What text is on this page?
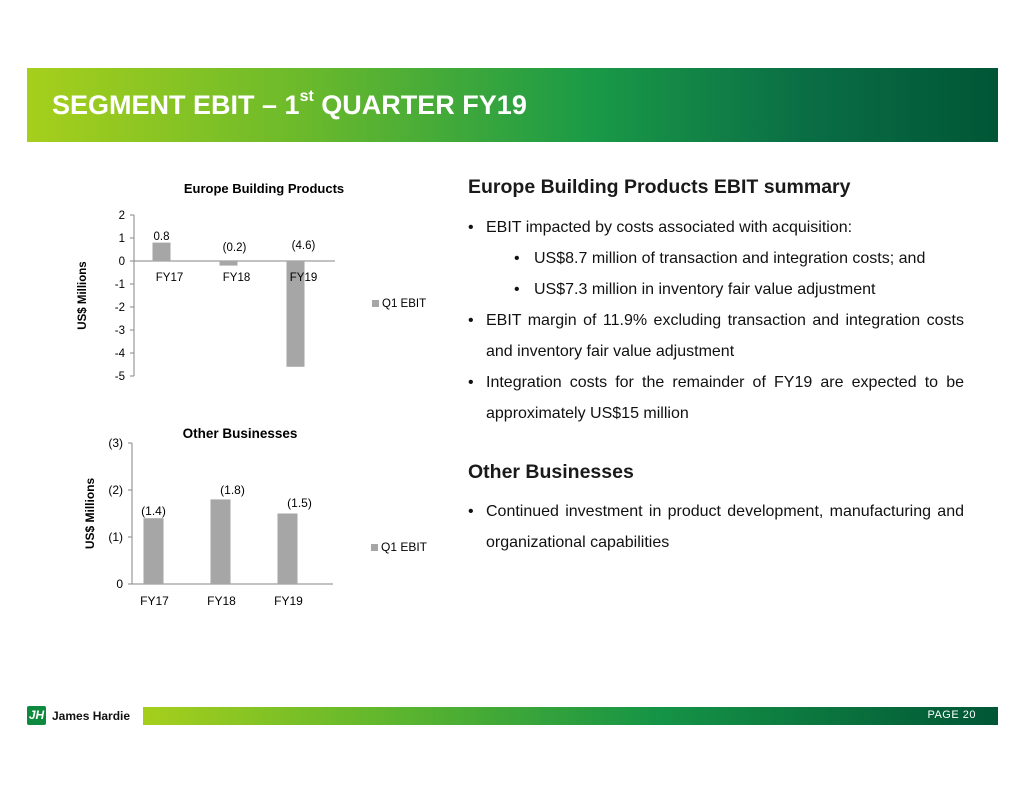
SEGMENT EBIT – 1st QUARTER FY19
Europe Building Products
US$ Millions
2
1
0
-1
-2
-3
-4
-5
FY17
0.8
FY18
(0.2)
FY19
(4.6)
Q1 EBIT
Other Businesses
US$ Millions
(3)
(2)
(1)
0
FY17
(1.4)
FY18
(1.8)
FY19
(1.5)
Q1 EBIT
Europe Building Products EBIT summary
• EBIT impacted by costs associated with acquisition:
• US$8.7 million of transaction and integration costs; and
• US$7.3 million in inventory fair value adjustment
• EBIT margin of 11.9% excluding transaction and integration costs and inventory fair value adjustment
• Integration costs for the remainder of FY19 are expected to be approximately US$15 million
Other Businesses
• Continued investment in product development, manufacturing and organizational capabilities
JH James Hardie	PAGE 20
